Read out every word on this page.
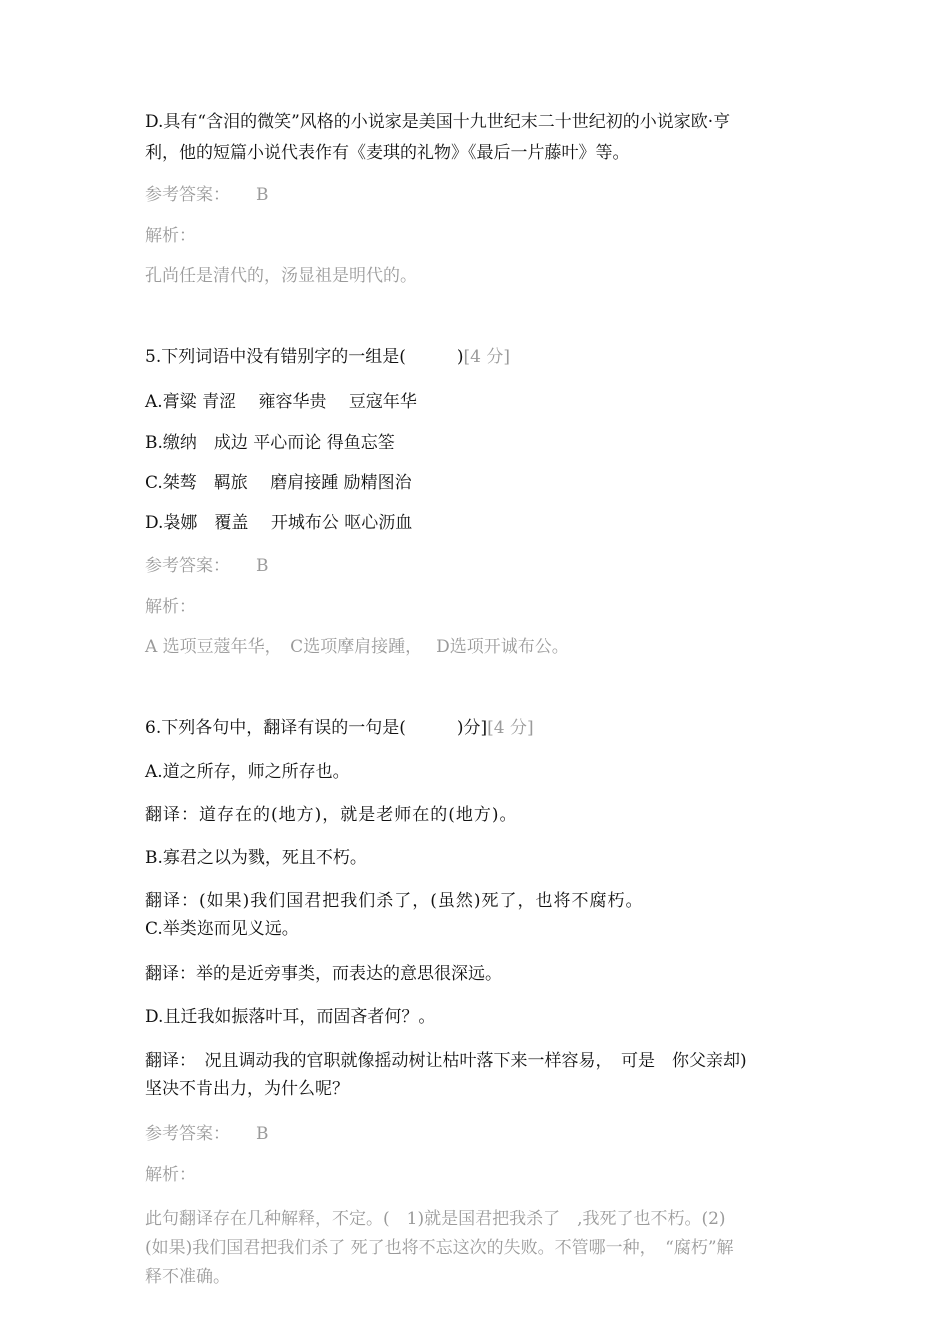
D.具有“含泪的微笑”风格的小说家是美国十九世纪末二十世纪初的小说家欧·亨
利，他的短篇小说代表作有《麦琪的礼物》《最后一片藤叶》等。
参考答案： B
解析：
孔尚任是清代的，汤显祖是明代的。
5.下列词语中没有错别字的一组是(　　　)[4 分]
A.膏粱 青涩　 雍容华贵　 豆寇年华
B.缴纳　成边 平心而论 得鱼忘筌
C.桀骜　羁旅　 磨肩接踵 励精图治
D.袅娜　覆盖　 开城布公 呕心沥血
参考答案： B
解析：
A 选项豆蔻年华，　C选项摩肩接踵，　 D选项开诚布公。
6.下列各句中，翻译有误的一句是(　　　)分][4 分]
A.道之所存，师之所存也。
翻译：道存在的(地方)，就是老师在的(地方)。
B.寡君之以为戮，死且不朽。
翻译：(如果)我们国君把我们杀了，(虽然)死了，也将不腐朽。
C.举类迩而见义远。
翻译：举的是近旁事类，而表达的意思很深远。
D.且迁我如振落叶耳，而固吝者何？。
翻译：　况且调动我的官职就像摇动树让枯叶落下来一样容易，　可是　你父亲却)
坚决不肯出力，为什么呢？
参考答案： B
解析：
此句翻译存在几种解释，不定。(　1)就是国君把我杀了　,我死了也不朽。(2)
(如果)我们国君把我们杀了 死了也将不忘这次的失败。不管哪一种，　“腐朽”解
释不准确。
